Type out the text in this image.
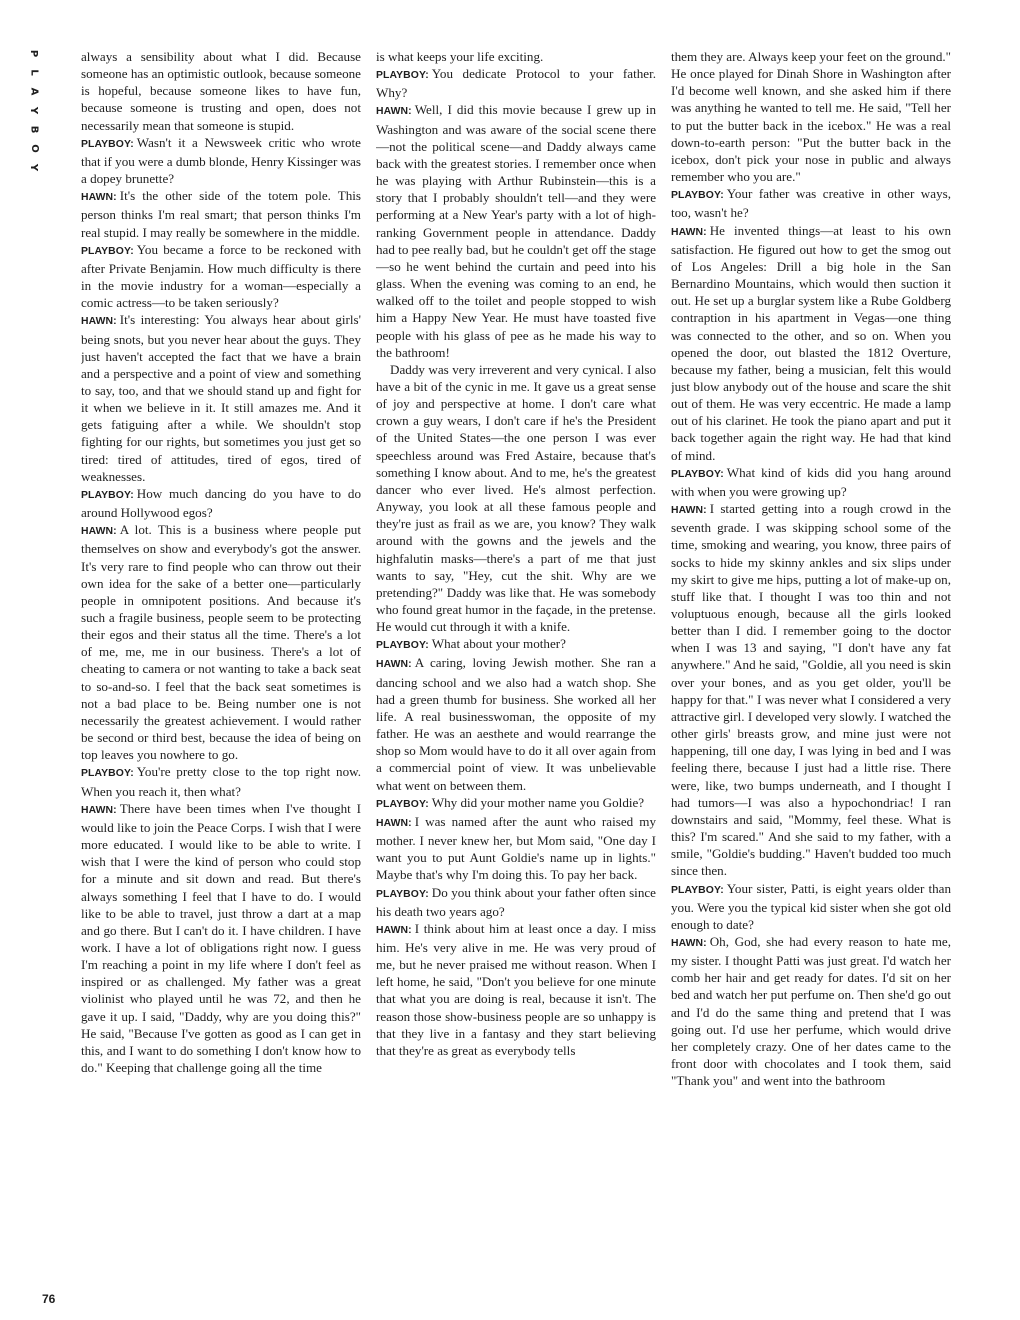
P
L
A
Y
B
O
Y

always a sensibility about what I did. Because someone has an optimistic outlook, because someone is hopeful, because someone likes to have fun, because someone is trusting and open, does not necessarily mean that someone is stupid.

PLAYBOY: Wasn't it a Newsweek critic who wrote that if you were a dumb blonde, Henry Kissinger was a dopey brunette?

HAWN: It's the other side of the totem pole. This person thinks I'm real smart; that person thinks I'm real stupid. I may really be somewhere in the middle.

PLAYBOY: You became a force to be reckoned with after Private Benjamin. How much difficulty is there in the movie industry for a woman—especially a comic actress—to be taken seriously?

HAWN: It's interesting: You always hear about girls' being snots, but you never hear about the guys. They just haven't accepted the fact that we have a brain and a perspective and a point of view and something to say, too, and that we should stand up and fight for it when we believe in it. It still amazes me. And it gets fatiguing after a while. We shouldn't stop fighting for our rights, but sometimes you just get so tired: tired of attitudes, tired of egos, tired of weaknesses.

PLAYBOY: How much dancing do you have to do around Hollywood egos?

HAWN: A lot. This is a business where people put themselves on show and everybody's got the answer. It's very rare to find people who can throw out their own idea for the sake of a better one—particularly people in omnipotent positions. And because it's such a fragile business, people seem to be protecting their egos and their status all the time. There's a lot of me, me, me in our business. There's a lot of cheating to camera or not wanting to take a back seat to so-and-so. I feel that the back seat sometimes is not a bad place to be. Being number one is not necessarily the greatest achievement. I would rather be second or third best, because the idea of being on top leaves you nowhere to go.

PLAYBOY: You're pretty close to the top right now. When you reach it, then what?

HAWN: There have been times when I've thought I would like to join the Peace Corps. I wish that I were more educated. I would like to be able to write. I wish that I were the kind of person who could stop for a minute and sit down and read. But there's always something I feel that I have to do. I would like to be able to travel, just throw a dart at a map and go there. But I can't do it. I have children. I have work. I have a lot of obligations right now. I guess I'm reaching a point in my life where I don't feel as inspired or as challenged. My father was a great violinist who played until he was 72, and then he gave it up. I said, "Daddy, why are you doing this?" He said, "Because I've gotten as good as I can get in this, and I want to do something I don't know how to do." Keeping that challenge going all the time

is what keeps your life exciting.

PLAYBOY: You dedicate Protocol to your father. Why?

HAWN: Well, I did this movie because I grew up in Washington and was aware of the social scene there—not the political scene—and Daddy always came back with the greatest stories. I remember once when he was playing with Arthur Rubinstein—this is a story that I probably shouldn't tell—and they were performing at a New Year's party with a lot of high-ranking Government people in attendance. Daddy had to pee really bad, but he couldn't get off the stage—so he went behind the curtain and peed into his glass. When the evening was coming to an end, he walked off to the toilet and people stopped to wish him a Happy New Year. He must have toasted five people with his glass of pee as he made his way to the bathroom!

Daddy was very irreverent and very cynical. I also have a bit of the cynic in me. It gave us a great sense of joy and perspective at home. I don't care what crown a guy wears, I don't care if he's the President of the United States—the one person I was ever speechless around was Fred Astaire, because that's something I know about. And to me, he's the greatest dancer who ever lived. He's almost perfection. Anyway, you look at all these famous people and they're just as frail as we are, you know? They walk around with the gowns and the jewels and the highfalutin masks—there's a part of me that just wants to say, "Hey, cut the shit. Why are we pretending?" Daddy was like that. He was somebody who found great humor in the façade, in the pretense. He would cut through it with a knife.

PLAYBOY: What about your mother?

HAWN: A caring, loving Jewish mother. She ran a dancing school and we also had a watch shop. She had a green thumb for business. She worked all her life. A real businesswoman, the opposite of my father. He was an aesthete and would rearrange the shop so Mom would have to do it all over again from a commercial point of view. It was unbelievable what went on between them.

PLAYBOY: Why did your mother name you Goldie?

HAWN: I was named after the aunt who raised my mother. I never knew her, but Mom said, "One day I want you to put Aunt Goldie's name up in lights." Maybe that's why I'm doing this. To pay her back.

PLAYBOY: Do you think about your father often since his death two years ago?

HAWN: I think about him at least once a day. I miss him. He's very alive in me. He was very proud of me, but he never praised me without reason. When I left home, he said, "Don't you believe for one minute that what you are doing is real, because it isn't. The reason those show-business people are so unhappy is that they live in a fantasy and they start believing that they're as great as everybody tells

them they are. Always keep your feet on the ground." He once played for Dinah Shore in Washington after I'd become well known, and she asked him if there was anything he wanted to tell me. He said, "Tell her to put the butter back in the icebox." He was a real down-to-earth person: "Put the butter back in the icebox, don't pick your nose in public and always remember who you are."

PLAYBOY: Your father was creative in other ways, too, wasn't he?

HAWN: He invented things—at least to his own satisfaction. He figured out how to get the smog out of Los Angeles: Drill a big hole in the San Bernardino Mountains, which would then suction it out. He set up a burglar system like a Rube Goldberg contraption in his apartment in Vegas—one thing was connected to the other, and so on. When you opened the door, out blasted the 1812 Overture, because my father, being a musician, felt this would just blow anybody out of the house and scare the shit out of them. He was very eccentric. He made a lamp out of his clarinet. He took the piano apart and put it back together again the right way. He had that kind of mind.

PLAYBOY: What kind of kids did you hang around with when you were growing up?

HAWN: I started getting into a rough crowd in the seventh grade. I was skipping school some of the time, smoking and wearing, you know, three pairs of socks to hide my skinny ankles and six slips under my skirt to give me hips, putting a lot of make-up on, stuff like that. I thought I was too thin and not voluptuous enough, because all the girls looked better than I did. I remember going to the doctor when I was 13 and saying, "I don't have any fat anywhere." And he said, "Goldie, all you need is skin over your bones, and as you get older, you'll be happy for that." I was never what I considered a very attractive girl. I developed very slowly. I watched the other girls' breasts grow, and mine just were not happening, till one day, I was lying in bed and I was feeling there, because I just had a little rise. There were, like, two bumps underneath, and I thought I had tumors—I was also a hypochondriac! I ran downstairs and said, "Mommy, feel these. What is this? I'm scared." And she said to my father, with a smile, "Goldie's budding." Haven't budded too much since then.

PLAYBOY: Your sister, Patti, is eight years older than you. Were you the typical kid sister when she got old enough to date?

HAWN: Oh, God, she had every reason to hate me, my sister. I thought Patti was just great. I'd watch her comb her hair and get ready for dates. I'd sit on her bed and watch her put perfume on. Then she'd go out and I'd do the same thing and pretend that I was going out. I'd use her perfume, which would drive her completely crazy. One of her dates came to the front door with chocolates and I took them, said "Thank you" and went into the bathroom

76
